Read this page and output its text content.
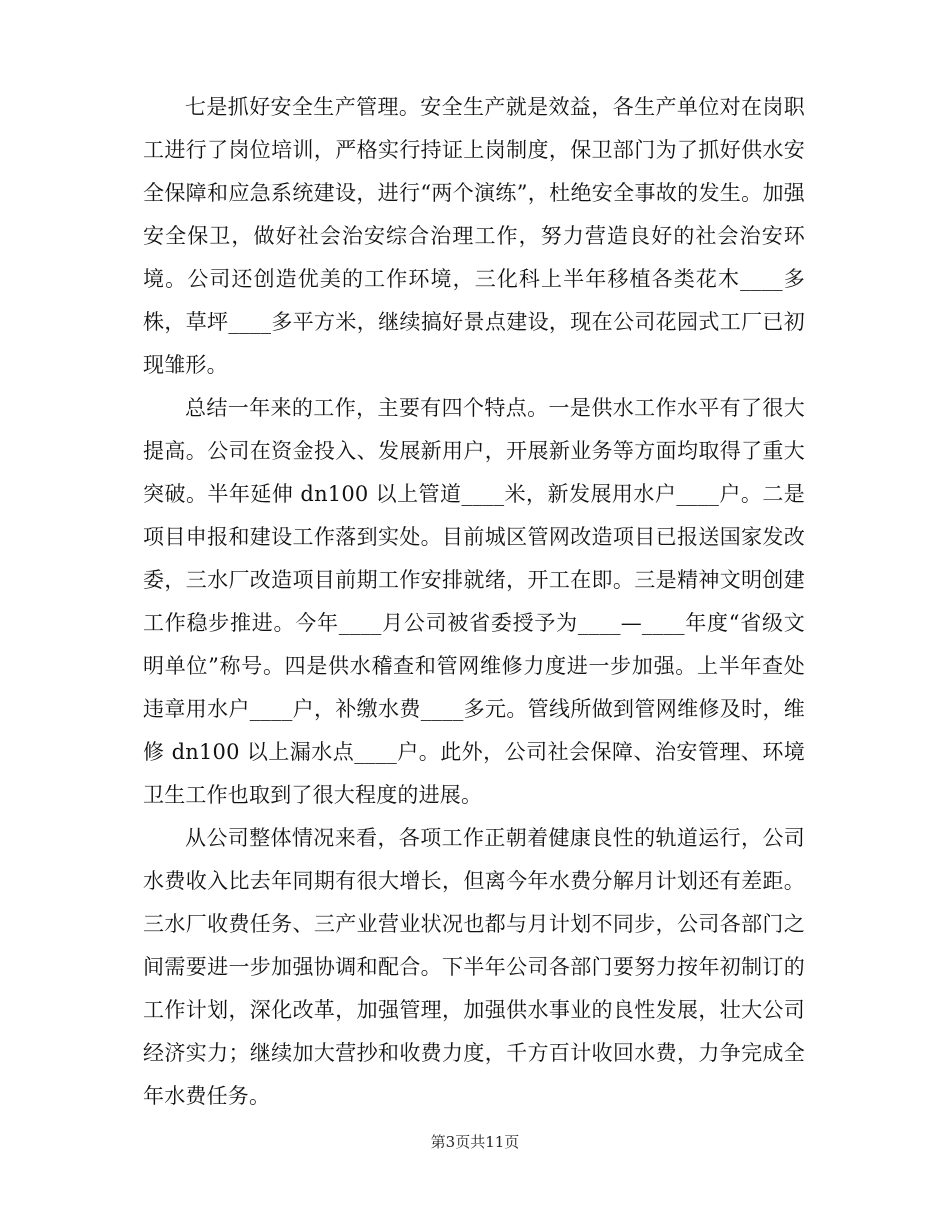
七是抓好安全生产管理。安全生产就是效益，各生产单位对在岗职工进行了岗位培训，严格实行持证上岗制度，保卫部门为了抓好供水安全保障和应急系统建设，进行“两个演练”，杜绝安全事故的发生。加强安全保卫，做好社会治安综合治理工作，努力营造良好的社会治安环境。公司还创造优美的工作环境，三化科上半年移植各类花木____多株，草坪____多平方米，继续搞好景点建设，现在公司花园式工厂已初现雏形。

总结一年来的工作，主要有四个特点。一是供水工作水平有了很大提高。公司在资金投入、发展新用户，开展新业务等方面均取得了重大突破。半年延伸 dn100 以上管道____米，新发展用水户____户。二是项目申报和建设工作落到实处。目前城区管网改造项目已报送国家发改委，三水厂改造项目前期工作安排就绪，开工在即。三是精神文明创建工作稳步推进。今年____月公司被省委授予为____—____年度“省级文明单位”称号。四是供水稽查和管网维修力度进一步加强。上半年查处违章用水户____户，补缴水费____多元。管线所做到管网维修及时，维修 dn100 以上漏水点____户。此外，公司社会保障、治安管理、环境卫生工作也取到了很大程度的进展。

从公司整体情况来看，各项工作正朝着健康良性的轨道运行，公司水费收入比去年同期有很大增长，但离今年水费分解月计划还有差距。三水厂收费任务、三产业营业状况也都与月计划不同步，公司各部门之间需要进一步加强协调和配合。下半年公司各部门要努力按年初制订的工作计划，深化改革，加强管理，加强供水事业的良性发展，壮大公司经济实力；继续加大营抄和收费力度，千方百计收回水费，力争完成全年水费任务。

第3页共11页
